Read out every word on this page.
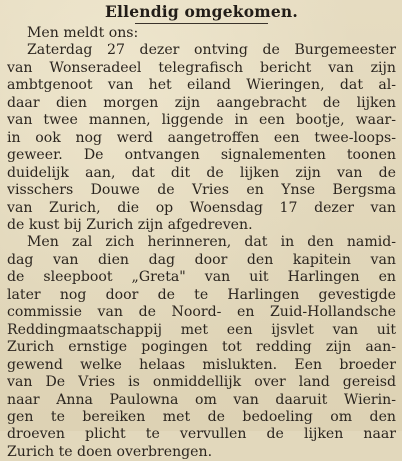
Ellendig omgekomen.

Men meldt ons:

Zaterdag 27 dezer ontving de Burgemeester
van Wonseradeel telegrafisch bericht van zijn
ambtgenoot van het eiland Wieringen, dat al-
daar dien morgen zijn aangebracht de lijken
van twee mannen, liggende in een bootje, waar-
in ook nog werd aangetroffen een twee-loops-
geweer. De ontvangen signalementen toonen
duidelijk aan, dat dit de lijken zijn van de
visschers Douwe de Vries en Ynse Bergsma
van Zurich, die op Woensdag 17 dezer van
de kust bij Zurich zijn afgedreven.

Men zal zich herinneren, dat in den namid-
dag van dien dag door den kapitein van
de sleepboot „Greta" van uit Harlingen en
later nog door de te Harlingen gevestigde
commissie van de Noord- en Zuid-Hollandsche
Reddingmaatschappij met een ijsvlet van uit
Zurich ernstige pogingen tot redding zijn aan-
gewend welke helaas mislukten. Een broeder
van De Vries is onmiddellijk over land gereisd
naar Anna Paulowna om van daaruit Wierin-
gen te bereiken met de bedoeling om den
droeven plicht te vervullen de lijken naar
Zurich te doen overbrengen.
